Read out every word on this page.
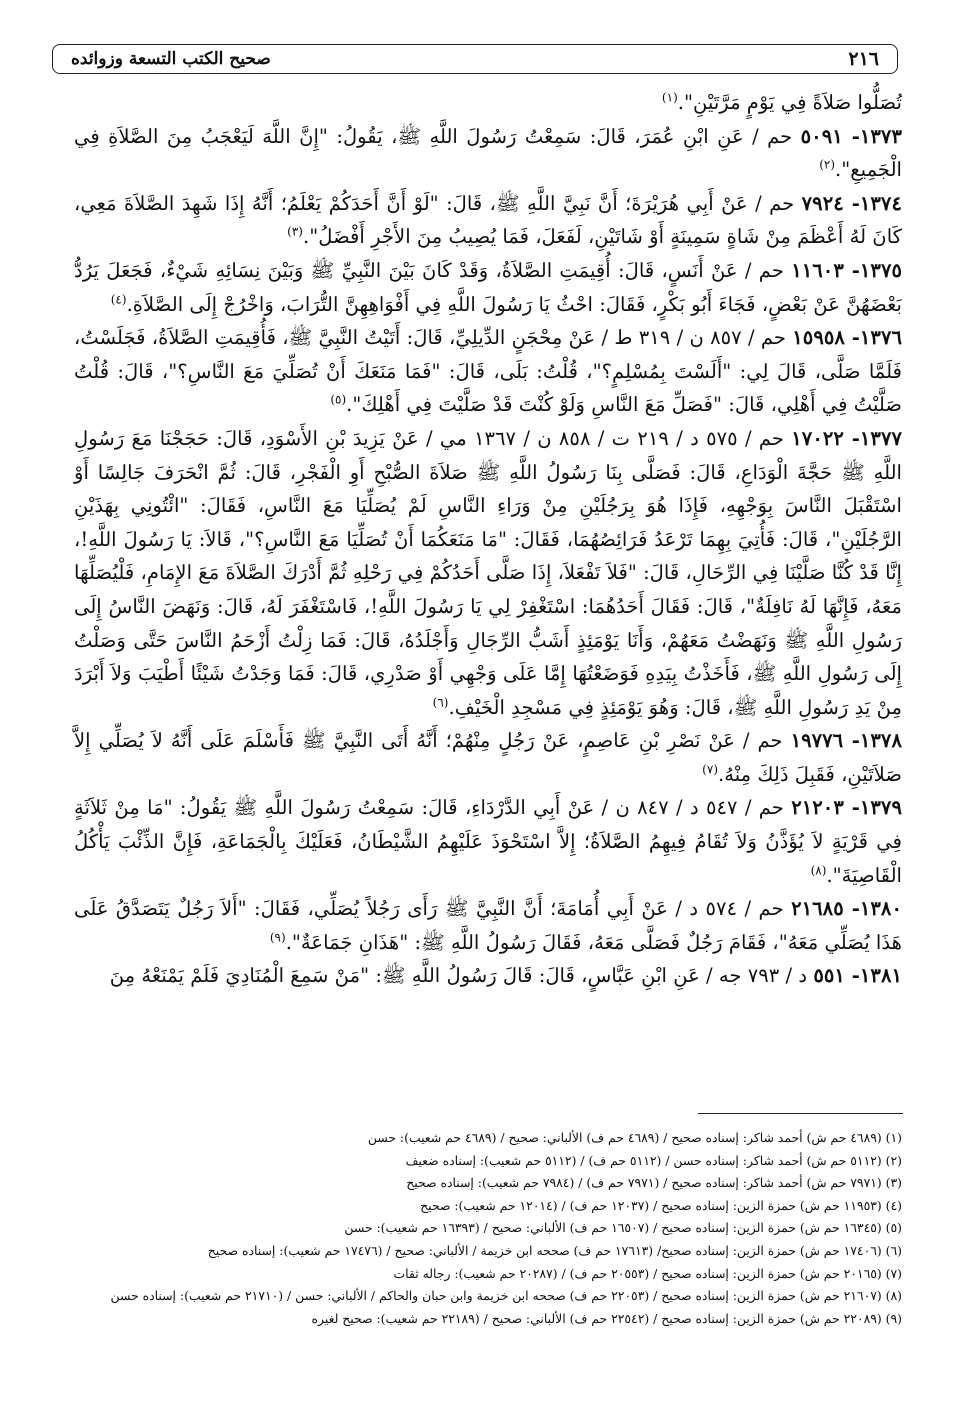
٢١٦
صحيح الكتب التسعة وزوائده

تُصَلُّوا صَلاَةً فِي يَوْمٍ مَرَّتَيْنِ".$^{(١)}$

١٣٧٣- ٥٠٩١ حم / عَنِ ابْنِ عُمَرَ، قَالَ: سَمِعْتُ رَسُولَ اللَّهِ ﷺ، يَقُولُ: "إِنَّ اللَّهَ لَيَعْجَبُ مِنَ الصَّلاَةِ فِي الْجَمِيعِ".$^{(٢)}$

١٣٧٤- ٧٩٢٤ حم / عَنْ أَبِي هُرَيْرَةَ؛ أَنَّ نَبِيَّ اللَّهِ ﷺ، قَالَ: "لَوْ أَنَّ أَحَدَكُمْ يَعْلَمُ؛ أَنَّهُ إِذَا شَهِدَ الصَّلاَةَ مَعِي، كَانَ لَهُ أَعْظَمَ مِنْ شَاةٍ سَمِينَةٍ أَوْ شَاتَيْنِ، لَفَعَلَ، فَمَا يُصِيبُ مِنَ الأَجْرِ أَفْضَلُ".$^{(٣)}$

١٣٧٥- ١١٦٠٣ حم / عَنْ أَنَسٍ، قَالَ: أُقِيمَتِ الصَّلاَةُ، وَقَدْ كَانَ بَيْنَ النَّبِيِّ ﷺ وَبَيْنَ نِسَائِهِ شَيْءٌ، فَجَعَلَ يَرُدُّ بَعْضَهُنَّ عَنْ بَعْضٍ، فَجَاءَ أَبُو بَكْرٍ، فَقَالَ: احْثُ يَا رَسُولَ اللَّهِ فِي أَفْوَاهِهِنَّ التُّرَابَ، وَاخْرُجْ إِلَى الصَّلاَةِ.$^{(٤)}$

١٣٧٦- ١٥٩٥٨ حم / ٨٥٧ ن / ٣١٩ ط / عَنْ مِحْجَنٍ الدِّيلِيِّ، قَالَ: أَتَيْتُ النَّبِيَّ ﷺ، فَأُقِيمَتِ الصَّلاَةُ، فَجَلَسْتُ، فَلَمَّا صَلَّى، قَالَ لِي: "أَلَسْتَ بِمُسْلِمٍ؟"، قُلْتُ: بَلَى، قَالَ: "فَمَا مَنَعَكَ أَنْ تُصَلِّيَ مَعَ النَّاسِ؟"، قَالَ: قُلْتُ صَلَّيْتُ فِي أَهْلِي، قَالَ: "فَصَلِّ مَعَ النَّاسِ وَلَوْ كُنْتَ قَدْ صَلَّيْتَ فِي أَهْلِكَ".$^{(٥)}$

١٣٧٧- ١٧٠٢٢ حم / ٥٧٥ د / ٢١٩ ت / ٨٥٨ ن / ١٣٦٧ مي / عَنْ يَزِيدَ بْنِ الأَسْوَدِ، قَالَ: حَجَجْنَا مَعَ رَسُولِ اللَّهِ ﷺ حَجَّةَ الْوَدَاعِ، قَالَ: فَصَلَّى بِنَا رَسُولُ اللَّهِ ﷺ صَلاَةَ الصُّبْحِ أَوِ الْفَجْرِ، قَالَ: ثُمَّ انْحَرَفَ جَالِسًا أَوْ اسْتَقْبَلَ النَّاسَ بِوَجْهِهِ، فَإِذَا هُوَ بِرَجُلَيْنِ مِنْ وَرَاءِ النَّاسِ لَمْ يُصَلِّيَا مَعَ النَّاسِ، فَقَالَ: "ائْتُونِي بِهَذَيْنِ الرَّجُلَيْنِ"، قَالَ: فَأُتِيَ بِهِمَا تَرْعَدُ فَرَائِصُهُمَا، فَقَالَ: "مَا مَنَعَكُمَا أَنْ تُصَلِّيَا مَعَ النَّاسِ؟"، قَالاَ: يَا رَسُولَ اللَّهِ!، إِنَّا قَدْ كُنَّا صَلَّيْنَا فِي الرِّحَالِ، قَالَ: "فَلاَ تَفْعَلاَ، إِذَا صَلَّى أَحَدُكُمْ فِي رَحْلِهِ ثُمَّ أَدْرَكَ الصَّلاَةَ مَعَ الإِمَامِ، فَلْيُصَلِّهَا مَعَهُ، فَإِنَّهَا لَهُ نَافِلَةٌ"، قَالَ: فَقَالَ أَحَدُهُمَا: اسْتَغْفِرْ لِي يَا رَسُولَ اللَّهِ!، فَاسْتَغْفَرَ لَهُ، قَالَ: وَنَهَضَ النَّاسُ إِلَى رَسُولِ اللَّهِ ﷺ وَنَهَضْتُ مَعَهُمْ، وَأَنَا يَوْمَئِذٍ أَشَبُّ الرِّجَالِ وَأَجْلَدُهُ، قَالَ: فَمَا زِلْتُ أَزْحَمُ النَّاسَ حَتَّى وَصَلْتُ إِلَى رَسُولِ اللَّهِ ﷺ، فَأَخَذْتُ بِيَدِهِ فَوَضَعْتُهَا إِمَّا عَلَى وَجْهِي أَوْ صَدْرِي، قَالَ: فَمَا وَجَدْتُ شَيْئًا أَطْيَبَ وَلاَ أَبْرَدَ مِنْ يَدِ رَسُولِ اللَّهِ ﷺ، قَالَ: وَهُوَ يَوْمَئِذٍ فِي مَسْجِدِ الْخَيْفِ.$^{(٦)}$

١٣٧٨- ١٩٧٧٦ حم / عَنْ نَصْرِ بْنِ عَاصِمٍ، عَنْ رَجُلٍ مِنْهُمْ؛ أَنَّهُ أَتَى النَّبِيَّ ﷺ فَأَسْلَمَ عَلَى أَنَّهُ لاَ يُصَلِّي إِلاَّ صَلاَتَيْنِ، فَقَبِلَ ذَلِكَ مِنْهُ.$^{(٧)}$

١٣٧٩- ٢١٢٠٣ حم / ٥٤٧ د / ٨٤٧ ن / عَنْ أَبِي الدَّرْدَاءِ، قَالَ: سَمِعْتُ رَسُولَ اللَّهِ ﷺ يَقُولُ: "مَا مِنْ ثَلاَثَةٍ فِي قَرْيَةٍ لاَ يُؤَذَّنُ وَلاَ تُقَامُ فِيهِمُ الصَّلاَةُ؛ إِلاَّ اسْتَحْوَذَ عَلَيْهِمُ الشَّيْطَانُ، فَعَلَيْكَ بِالْجَمَاعَةِ، فَإِنَّ الذِّئْبَ يَأْكُلُ الْقَاصِيَةَ".$^{(٨)}$

١٣٨٠- ٢١٦٨٥ حم / ٥٧٤ د / عَنْ أَبِي أُمَامَةَ؛ أَنَّ النَّبِيَّ ﷺ رَأَى رَجُلاً يُصَلِّي، فَقَالَ: "أَلاَ رَجُلٌ يَتَصَدَّقُ عَلَى هَذَا يُصَلِّي مَعَهُ"، فَقَامَ رَجُلٌ فَصَلَّى مَعَهُ، فَقَالَ رَسُولُ اللَّهِ ﷺ: "هَذَانِ جَمَاعَةٌ".$^{(٩)}$

١٣٨١- ٥٥١ د / ٧٩٣ جه / عَنِ ابْنِ عَبَّاسٍ، قَالَ: قَالَ رَسُولُ اللَّهِ ﷺ: "مَنْ سَمِعَ الْمُنَادِيَ فَلَمْ يَمْنَعْهُ مِنَ

(١) (٤٦٨٩ حم ش) أحمد شاكر: إسناده صحيح / (٤٦٨٩ حم ف) الألباني: صحيح / (٤٦٨٩ حم شعيب): حسن

(٢) (٥١١٢ حم ش) أحمد شاكر: إسناده حسن / (٥١١٢ حم ف) / (٥١١٢ حم شعيب): إسناده ضعيف

(٣) (٧٩٧١ حم ش) أحمد شاكر: إسناده صحيح / (٧٩٧١ حم ف) / (٧٩٨٤ حم شعيب): إسناده صحيح

(٤) (١١٩٥٣ حم ش) حمزة الزين: إسناده صحيح / (١٢٠٣٧ حم ف) / (١٢٠١٤ حم شعيب): صحيح

(٥) (١٦٣٤٥ حم ش) حمزة الزين: إسناده صحيح / (١٦٥٠٧ حم ف) الألباني: صحيح / (١٦٣٩٣ حم شعيب): حسن

(٦) (١٧٤٠٦ حم ش) حمزة الزين: إسناده صحيح/ (١٧٦١٣ حم ف) صححه ابن خزيمة / الألباني: صحيح / (١٧٤٧٦ حم شعيب): إسناده صحيح

(٧) (٢٠١٦٥ حم ش) حمزة الزين: إسناده صحيح / (٢٠٥٥٣ حم ف) / (٢٠٢٨٧ حم شعيب): رجاله ثقات

(٨) (٢١٦٠٧ حم ش) حمزة الزين: إسناده صحيح / (٢٢٠٥٣ حم ف) صححه ابن خزيمة وابن حبان والحاكم / الألباني: حسن / (٢١٧١٠ حم شعيب): إسناده حسن

(٩) (٢٢٠٨٩ حم ش) حمزة الزين: إسناده صحيح / (٢٢٥٤٢ حم ف) الألباني: صحيح / (٢٢١٨٩ حم شعيب): صحيح لغيره
